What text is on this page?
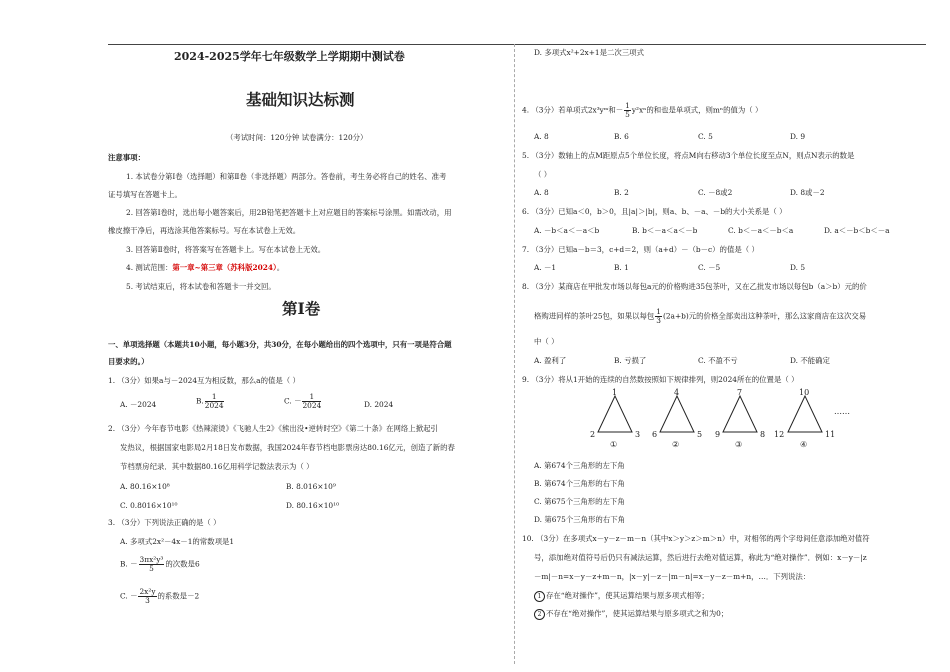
2024-2025学年七年级数学上学期期中测试卷
基础知识达标测
（考试时间：120分钟 试卷满分：120分）
注意事项：
1. 本试卷分第Ⅰ卷（选择题）和第Ⅱ卷（非选择题）两部分。答卷前，考生务必将自己的姓名、准考
证号填写在答题卡上。
2. 回答第Ⅰ卷时，选出每小题答案后，用2B铅笔把答题卡上对应题目的答案标号涂黑。如需改动，用
橡皮擦干净后，再选涂其他答案标号。写在本试卷上无效。
3. 回答第Ⅱ卷时，将答案写在答题卡上。写在本试卷上无效。
4. 测试范围：第一章~第三章（苏科版2024）。
5. 考试结束后，将本试卷和答题卡一并交回。
第Ⅰ卷
一、单项选择题（本题共10小题，每小题3分，共30分，在每小题给出的四个选项中，只有一项是符合题
目要求的。）
1. （3分）如果a与－2024互为相反数，那么a的值是（ ）
A. －2024	B. $\frac{1}{2024}$	C. － $\frac{1}{2024}$	D. 2024
2. （3分）今年春节电影《热辣滚烫》《飞驰人生2》《熊出没•逆转时空》《第二十条》在网络上掀起引
发热议，根据国家电影局2月18日发布数据，我国2024年春节档电影票房达80.16亿元，创造了新的春
节档票房纪录．其中数据80.16亿用科学记数法表示为（ ）
A. 80.16×10⁸	B. 8.016×10⁹
C. 0.8016×10¹⁰	D. 80.16×10¹⁰
3. （3分）下列说法正确的是（ ）
A. 多项式2x²－4x－1的常数项是1
B. － $\frac{\text{3πx²y³}}{5}$ 的次数是6
C. － $\frac{\text{2x²y}}{3}$ 的系数是－2
D. 多项式x²+2x+1是二次三项式
4. （3分）若单项式2x³yᵐ和－ $\frac{1}{5} y^2x^n$的和也是单项式，则mⁿ的值为（ ）
A. 8	B. 6	C. 5	D. 9
5. （3分）数轴上的点M距原点5个单位长度，将点M向右移动3个单位长度至点N，则点N表示的数是
（ ）
A. 8	B. 2	C. －8或2	D. 8或－2
6. （3分）已知a＜0，b＞0，且|a|＞|b|，则a、b、－a、－b的大小关系是（ ）
A. －b＜a＜－a＜b	B. b＜－a＜a＜－b	C. b＜－a＜－b＜a	D. a＜－b＜b＜－a
7. （3分）已知a－b＝3，c+d＝2，则（a+d）－（b－c）的值是（ ）
A. －1	B. 1	C. －5	D. 5
8. （3分）某商店在甲批发市场以每包a元的价格购进35包茶叶，又在乙批发市场以每包b（a＞b）元的价
格购进同样的茶叶25包，如果以每包 $\frac{1}{3} (2a+b)$元的价格全部卖出这种茶叶，那么这家商店在这次交易
中（ ）
A. 盈利了	B. 亏损了	C. 不盈不亏	D. 不能确定
9. （3分）将从1开始的连续的自然数按照如下规律排列，则2024所在的位置是（ ）
A. 第674个三角形的左下角
B. 第674个三角形的右下角
C. 第675个三角形的左下角
D. 第675个三角形的右下角
10. （3分）在多项式x－y－z－m－n（其中x＞y＞z＞m＞n）中，对相邻的两个字母间任意添加绝对值符
号，添加绝对值符号后仍只有减法运算，然后进行去绝对值运算，称此为“绝对操作”．例如：x－y－|z
－m|－n=x－y－z+m－n，|x－y|－z－|m－n|=x－y－z－m+n，…．下列说法：
1 存在“绝对操作”，使其运算结果与原多项式相等；
2 不存在“绝对操作”，使其运算结果与原多项式之和为0；
1
2	3
①
4
6	5
②
7
9	8
③
10
12	11
④
……
